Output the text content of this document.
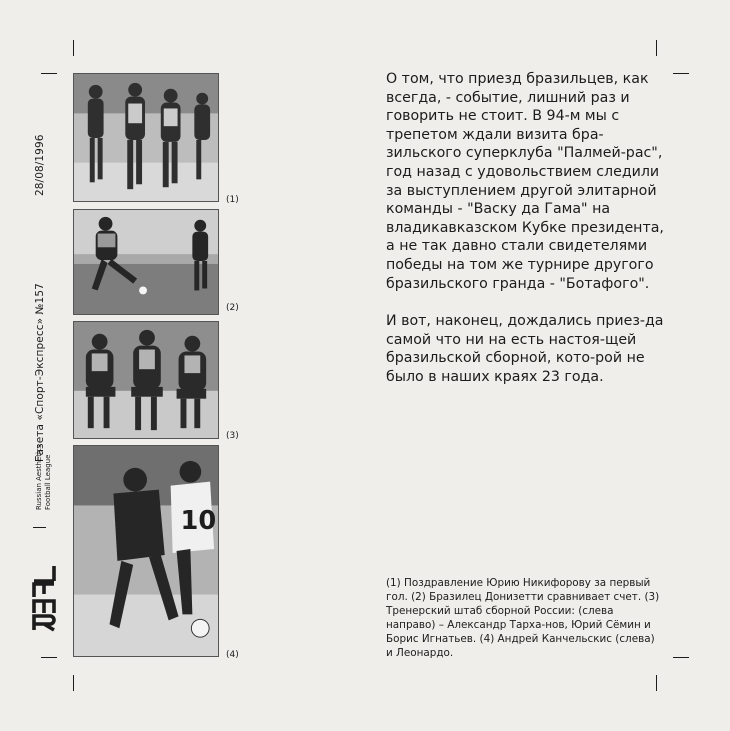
28/08/1996
Газета «Спорт-Экспресс» №157
Russian Aesthetics Football League
(1)
(2)
(3)
10
(4)

О том, что приезд бразильцев, как всегда, - событие, лишний раз и говорить не стоит. В 94-м мы с трепетом ждали визита бра-зильского суперклуба "Палмей-рас", год назад с удовольствием следили за выступлением другой элитарной команды - "Васку да Гама" на владикавказском Кубке президента, а не так давно стали свидетелями победы на том же турнире другого бразильского гранда - "Ботафого".

И вот, наконец, дождались приез-да самой что ни на есть настоя-щей бразильской сборной, кото-рой не было в наших краях 23 года.

(1) Поздравление Юрию Никифорову за первый гол. (2) Бразилец Донизетти сравнивает счет. (3) Тренерский штаб сборной России: (слева направо) – Александр Тарха-нов, Юрий Сёмин и Борис Игнатьев. (4) Андрей Канчельскис (слева) и Леонардо.
